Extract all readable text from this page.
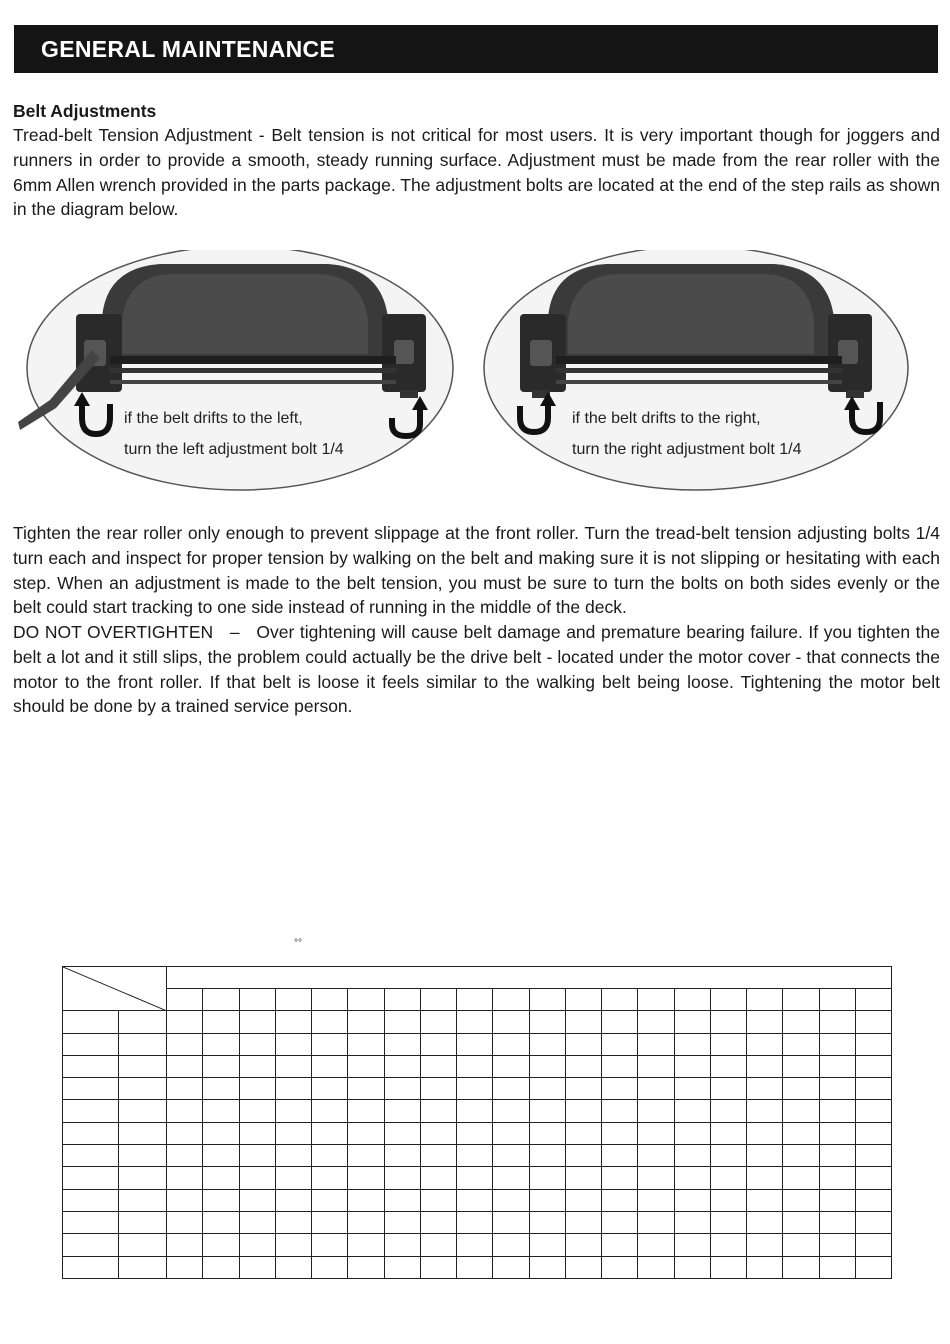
GENERAL MAINTENANCE
Belt Adjustments

Tread-belt Tension Adjustment - Belt tension is not critical for most users. It is very important though for joggers and runners in order to provide a smooth, steady running surface. Adjustment must be made from the rear roller with the 6mm Allen wrench provided in the parts package. The adjustment bolts are located at the end of the step rails as shown in the diagram below.

if the belt drifts to the left,
turn the left adjustment bolt 1/4
if the belt drifts to the right,
turn the right adjustment bolt 1/4

Tighten the rear roller only enough to prevent slippage at the front roller. Turn the tread-belt tension adjusting bolts 1/4 turn each and inspect for proper tension by walking on the belt and making sure it is not slipping or hesitating with each step. When an adjustment is made to the belt tension, you must be sure to turn the bolts on both sides evenly or the belt could start tracking to one side instead of running in the middle of the deck.

DO NOT OVERTIGHTEN   –   Over tightening will cause belt damage and premature bearing failure. If you tighten the belt a lot and it still slips, the problem could actually be the drive belt - located under the motor cover - that connects the motor to the front roller. If that belt is loose it feels similar to the walking belt being loose. Tightening the motor belt should be done by a trained service person.

°°
